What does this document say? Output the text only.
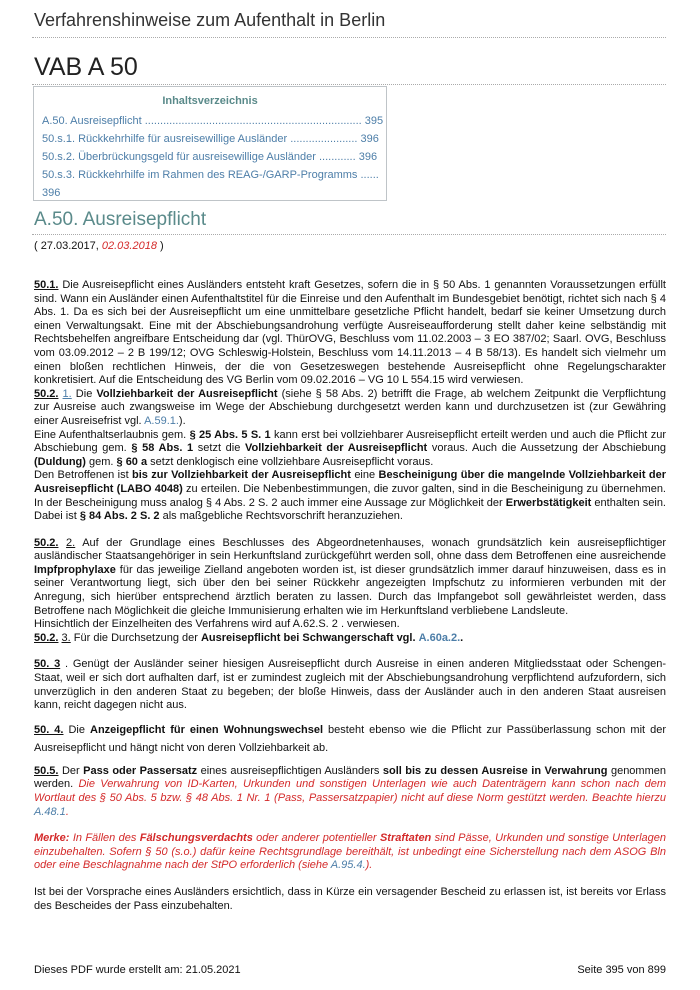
Verfahrenshinweise zum Aufenthalt in Berlin
VAB A 50
Inhaltsverzeichnis
A.50. Ausreisepflicht ....................................................................... 395
50.s.1. Rückkehrhilfe für ausreisewillige Ausländer ...................... 396
50.s.2. Überbrückungsgeld für ausreisewillige Ausländer ............ 396
50.s.3. Rückkehrhilfe im Rahmen des REAG-/GARP-Programms ......
396
A.50. Ausreisepflicht
( 27.03.2017, 02.03.2018 )

50.1. Die Ausreisepflicht eines Ausländers entsteht kraft Gesetzes, sofern die in § 50 Abs. 1 genannten Voraussetzungen erfüllt sind. Wann ein Ausländer einen Aufenthaltstitel für die Einreise und den Aufenthalt im Bundesgebiet benötigt, richtet sich nach § 4 Abs. 1. Da es sich bei der Ausreisepflicht um eine unmittelbare gesetzliche Pflicht handelt, bedarf sie keiner Umsetzung durch einen Verwaltungsakt. Eine mit der Abschiebungsandrohung verfügte Ausreiseaufforderung stellt daher keine selbständig mit Rechtsbehelfen angreifbare Entscheidung dar (vgl. ThürOVG, Beschluss vom 11.02.2003 – 3 EO 387/02; Saarl. OVG, Beschluss vom 03.09.2012 – 2 B 199/12; OVG Schleswig-Holstein, Beschluss vom 14.11.2013 – 4 B 58/13). Es handelt sich vielmehr um einen bloßen rechtlichen Hinweis, der die von Gesetzeswegen bestehende Ausreisepflicht ohne Regelungscharakter konkretisiert. Auf die Entscheidung des VG Berlin vom 09.02.2016 – VG 10 L 554.15 wird verwiesen.

50.2. 1. Die Vollziehbarkeit der Ausreisepflicht (siehe § 58 Abs. 2) betrifft die Frage, ab welchem Zeitpunkt die Verpflichtung zur Ausreise auch zwangsweise im Wege der Abschiebung durchgesetzt werden kann und durchzusetzen ist (zur Gewähring einer Ausreisefrist vgl. A.59.1.).

Eine Aufenthaltserlaubnis gem. § 25 Abs. 5 S. 1 kann erst bei vollziehbarer Ausreisepflicht erteilt werden und auch die Pflicht zur Abschiebung gem. § 58 Abs. 1 setzt die Vollziehbarkeit der Ausreisepflicht voraus. Auch die Aussetzung der Abschiebung (Duldung) gem. § 60 a setzt denklogisch eine vollziehbare Ausreisepflicht voraus.

Den Betroffenen ist bis zur Vollziehbarkeit der Ausreisepflicht eine Bescheinigung über die mangelnde Vollziehbarkeit der Ausreisepflicht (LABO 4048) zu erteilen. Die Nebenbestimmungen, die zuvor galten, sind in die Bescheinigung zu übernehmen. In der Bescheinigung muss analog § 4 Abs. 2 S. 2 auch immer eine Aussage zur Möglichkeit der Erwerbstätigkeit enthalten sein. Dabei ist § 84 Abs. 2 S. 2 als maßgebliche Rechtsvorschrift heranzuziehen.

50.2. 2. Auf der Grundlage eines Beschlusses des Abgeordnetenhauses, wonach grundsätzlich kein ausreisepflichtiger ausländischer Staatsangehöriger in sein Herkunftsland zurückgeführt werden soll, ohne dass dem Betroffenen eine ausreichende Impfprophylaxe für das jeweilige Zielland angeboten worden ist, ist dieser grundsätzlich immer darauf hinzuweisen, dass es in seiner Verantwortung liegt, sich über den bei seiner Rückkehr angezeigten Impfschutz zu informieren verbunden mit der Anregung, sich hierüber entsprechend ärztlich beraten zu lassen. Durch das Impfangebot soll gewährleistet werden, dass Betroffene nach Möglichkeit die gleiche Immunisierung erhalten wie im Herkunftsland verbliebene Landsleute.

Hinsichtlich der Einzelheiten des Verfahrens wird auf A.62.S. 2 . verwiesen.

50.2. 3. Für die Durchsetzung der Ausreisepflicht bei Schwangerschaft vgl. A.60a.2..

50. 3 . Genügt der Ausländer seiner hiesigen Ausreisepflicht durch Ausreise in einen anderen Mitgliedsstaat oder Schengen-Staat, weil er sich dort aufhalten darf, ist er zumindest zugleich mit der Abschiebungsandrohung verpflichtend aufzufordern, sich unverzüglich in den anderen Staat zu begeben; der bloße Hinweis, dass der Ausländer auch in den anderen Staat ausreisen kann, reicht dagegen nicht aus.

50. 4. Die Anzeigepflicht für einen Wohnungswechsel besteht ebenso wie die Pflicht zur Passüberlassung schon mit der Ausreisepflicht und hängt nicht von deren Vollziehbarkeit ab.

50.5. Der Pass oder Passersatz eines ausreisepflichtigen Ausländers soll bis zu dessen Ausreise in Verwahrung genommen werden. Die Verwahrung von ID-Karten, Urkunden und sonstigen Unterlagen wie auch Datenträgern kann schon nach dem Wortlaut des § 50 Abs. 5 bzw. § 48 Abs. 1 Nr. 1 (Pass, Passersatzpapier) nicht auf diese Norm gestützt werden. Beachte hierzu A.48.1.

Merke: In Fällen des Fälschungsverdachts oder anderer potentieller Straftaten sind Pässe, Urkunden und sonstige Unterlagen einzubehalten. Sofern § 50 (s.o.) dafür keine Rechtsgrundlage bereithält, ist unbedingt eine Sicherstellung nach dem ASOG Bln oder eine Beschlagnahme nach der StPO erforderlich (siehe A.95.4.).

Ist bei der Vorsprache eines Ausländers ersichtlich, dass in Kürze ein versagender Bescheid zu erlassen ist, ist bereits vor Erlass des Bescheides der Pass einzubehalten.

Dieses PDF wurde erstellt am: 21.05.2021	Seite 395 von 899
